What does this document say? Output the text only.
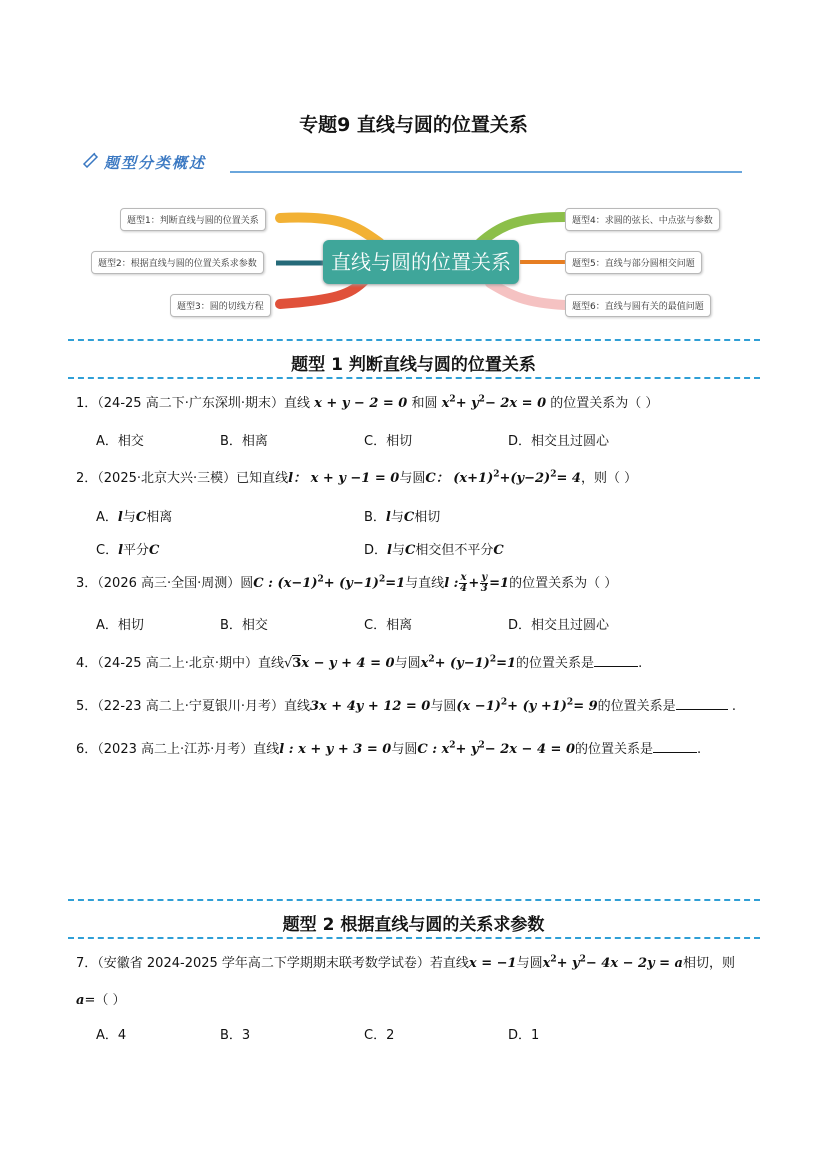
专题9 直线与圆的位置关系
题型分类概述
题型1：判断直线与圆的位置关系
题型2：根据直线与圆的位置关系求参数
题型3：圆的切线方程
题型4：求圆的弦长、中点弦与参数
题型5：直线与部分圆相交问题
题型6：直线与圆有关的最值问题
直线与圆的位置关系
题型 1 判断直线与圆的位置关系
1．（24-25 高二下·广东深圳·期末）直线 x + y − 2 = 0 和圆 $x^2+ y^2- 2x = 0$ 的位置关系为（ ）
A．相交	B．相离	C．相切	D．相交且过圆心
2．（2025·北京大兴·三模）已知直线l： x + y −1 = 0与圆C： $(x+1)^2+(y-2)^2= 4$，则（ ）
A．l与C相离	B．l与C相切
C．l平分C	D．l与C相交但不平分C
3．（2026 高三·全国·周测）圆C : $(x-1)^2+ (y-1)^2=1$与直线l : $\frac{x}{4} + \frac{y}{3} =1$的位置关系为（ ）
A．相切	B．相交	C．相离	D．相交且过圆心
4．（24-25 高二上·北京·期中）直线√3x − y + 4 = 0与圆$x^2+ (y-1)^2=1$的位置关系是	.
5．（22-23 高二上·宁夏银川·月考）直线3x + 4y + 12 = 0与圆$(x -1)^2+ (y +1)^2= 9$的位置关系是	.
6．（2023 高二上·江苏·月考）直线l : x + y + 3 = 0与圆C : $x^2+ y^2- 2x - 4 = 0$的位置关系是	.
题型 2 根据直线与圆的关系求参数
7．（安徽省 2024-2025 学年高二下学期期末联考数学试卷）若直线x = −1与圆$x^2+ y^2- 4x - 2y = a$相切，则
a=（ ）
A．4	B．3	C．2	D．1
